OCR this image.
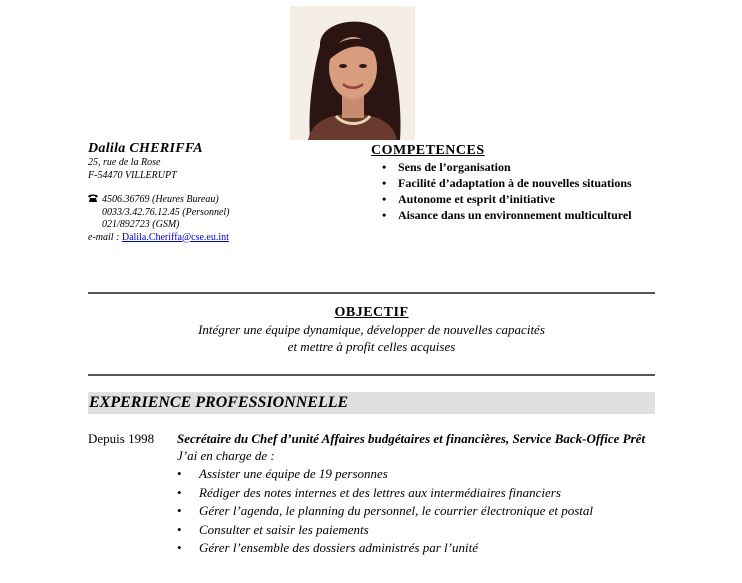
Dalila CHERIFFA
25, rue de la Rose
F-54470 VILLERUPT
4506.36769 (Heures Bureau)
0033/3.42.76.12.45 (Personnel)
021/892723 (GSM)
e-mail : Dalila.Cheriffa@cse.eu.int
COMPETENCES
• Sens de l’organisation
• Facilité d’adaptation à de nouvelles situations
• Autonome et esprit d’initiative
• Aisance dans un environnement multiculturel
OBJECTIF
Intégrer une équipe dynamique, développer de nouvelles capacités
et mettre à profit celles acquises
EXPERIENCE PROFESSIONNELLE
Depuis 1998 Secrétaire du Chef d’unité Affaires budgétaires et financières, Service Back-Office Prêt
J’ai en charge de :
• Assister une équipe de 19 personnes
• Rédiger des notes internes et des lettres aux intermédiaires financiers
• Gérer l’agenda, le planning du personnel, le courrier électronique et postal
• Consulter et saisir les paiements
• Gérer l’ensemble des dossiers administrés par l’unité
